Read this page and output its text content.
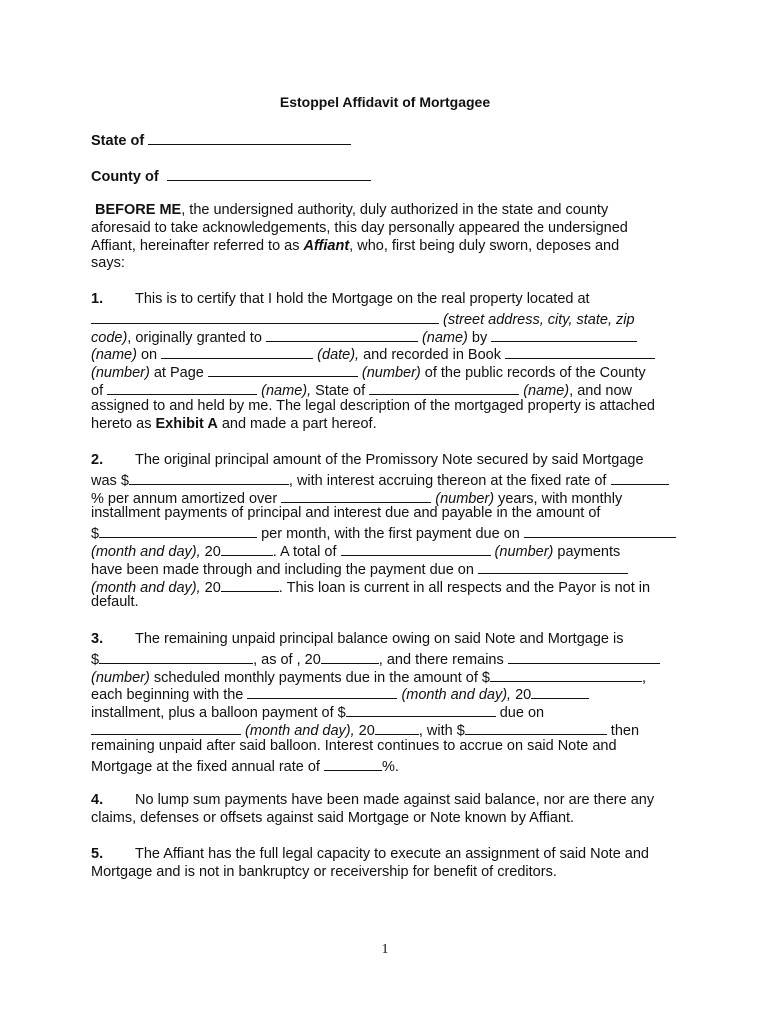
Estoppel Affidavit of Mortgagee
State of
County of
BEFORE ME, the undersigned authority, duly authorized in the state and county
aforesaid to take acknowledgements, this day personally appeared the undersigned
Affiant, hereinafter referred to as Affiant, who, first being duly sworn, deposes and
says:
1. This is to certify that I hold the Mortgage on the real property located at
(street address, city, state, zip
code), originally granted to	(name) by
(name) on	(date), and recorded in Book
(number) at Page	(number) of the public records of the County
of	(name), State of	(name), and now
assigned to and held by me. The legal description of the mortgaged property is attached
hereto as Exhibit A and made a part hereof.
2. The original principal amount of the Promissory Note secured by said Mortgage
was $	, with interest accruing thereon at the fixed rate of
% per annum amortized over	(number) years, with monthly
installment payments of principal and interest due and payable in the amount of
$	per month, with the first payment due on
(month and day), 20	. A total of	(number) payments
have been made through and including the payment due on
(month and day), 20	. This loan is current in all respects and the Payor is not in
default.
3. The remaining unpaid principal balance owing on said Note and Mortgage is
$	, as of , 20	, and there remains
(number) scheduled monthly payments due in the amount of $	,
each beginning with the	(month and day), 20
installment, plus a balloon payment of $	due on
(month and day), 20	, with $	then
remaining unpaid after said balloon. Interest continues to accrue on said Note and
Mortgage at the fixed annual rate of	%.
4. No lump sum payments have been made against said balance, nor are there any
claims, defenses or offsets against said Mortgage or Note known by Affiant.
5. The Affiant has the full legal capacity to execute an assignment of said Note and
Mortgage and is not in bankruptcy or receivership for benefit of creditors.
1
